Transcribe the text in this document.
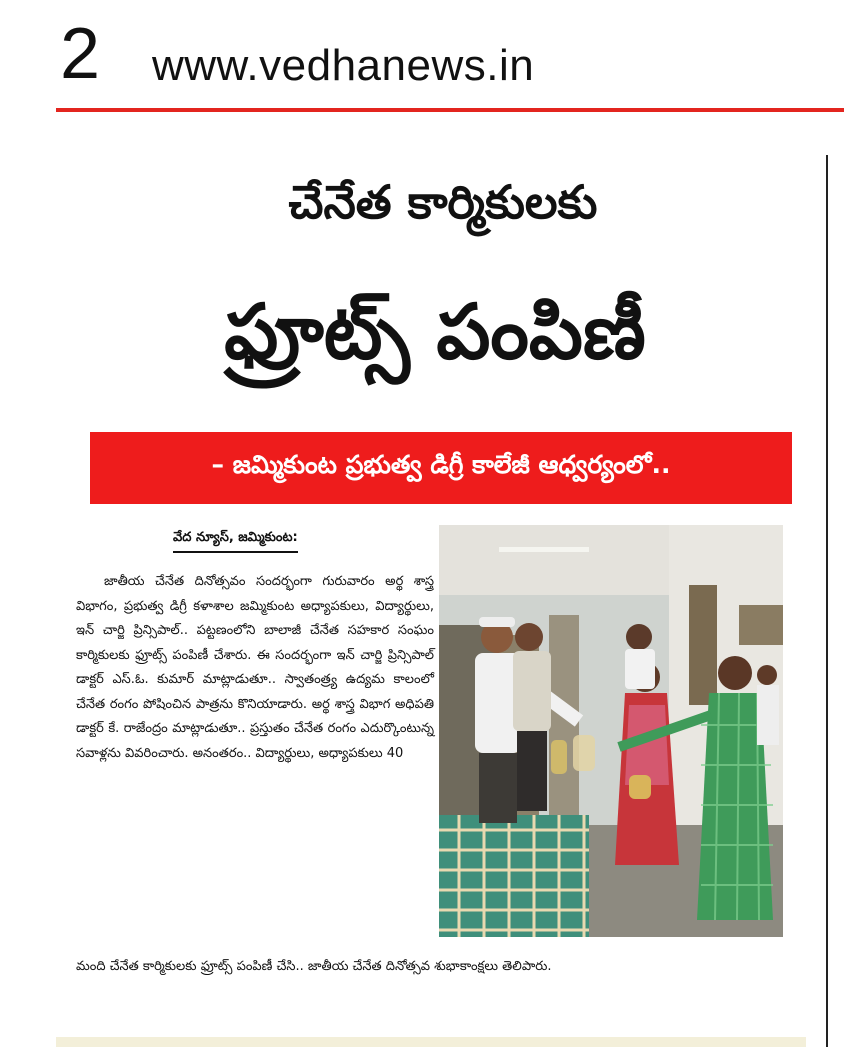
2 www.vedhanews.in
చేనేత కార్మికులకు
ఫ్రూట్స్ పంపిణీ
– జమ్మికుంట ప్రభుత్వ డిగ్రీ కాలేజీ ఆధ్వర్యంలో..
వేద న్యూస్, జమ్మికుంట:
జాతీయ చేనేత దినోత్సవం సందర్భంగా గురువారం అర్థ శాస్త్ర విభాగం, ప్రభుత్వ డిగ్రీ కళాశాల జమ్మికుంట అధ్యాపకులు, విద్యార్థులు, ఇన్ చార్జి ప్రిన్సిపాల్.. పట్టణంలోని బాలాజీ చేనేత సహకార సంఘం కార్మికులకు ఫ్రూట్స్ పంపిణీ చేశారు. ఈ సందర్భంగా ఇన్ చార్జి ప్రిన్సిపాల్ డాక్టర్ ఎస్.ఓ. కుమార్ మాట్లాడుతూ.. స్వాతంత్ర్య ఉద్యమ కాలంలో చేనేత రంగం పోషించిన పాత్రను కొనియాడారు. అర్థ శాస్త్ర విభాగ అధిపతి డాక్టర్ కే. రాజేంద్రం మాట్లాడుతూ.. ప్రస్తుతం చేనేత రంగం ఎదుర్కొంటున్న సవాళ్లను వివరించారు. అనంతరం.. విద్యార్థులు, అధ్యాపకులు 40
మంది చేనేత కార్మికులకు ఫ్రూట్స్ పంపిణీ చేసి.. జాతీయ చేనేత దినోత్సవ శుభాకాంక్షలు తెలిపారు.
